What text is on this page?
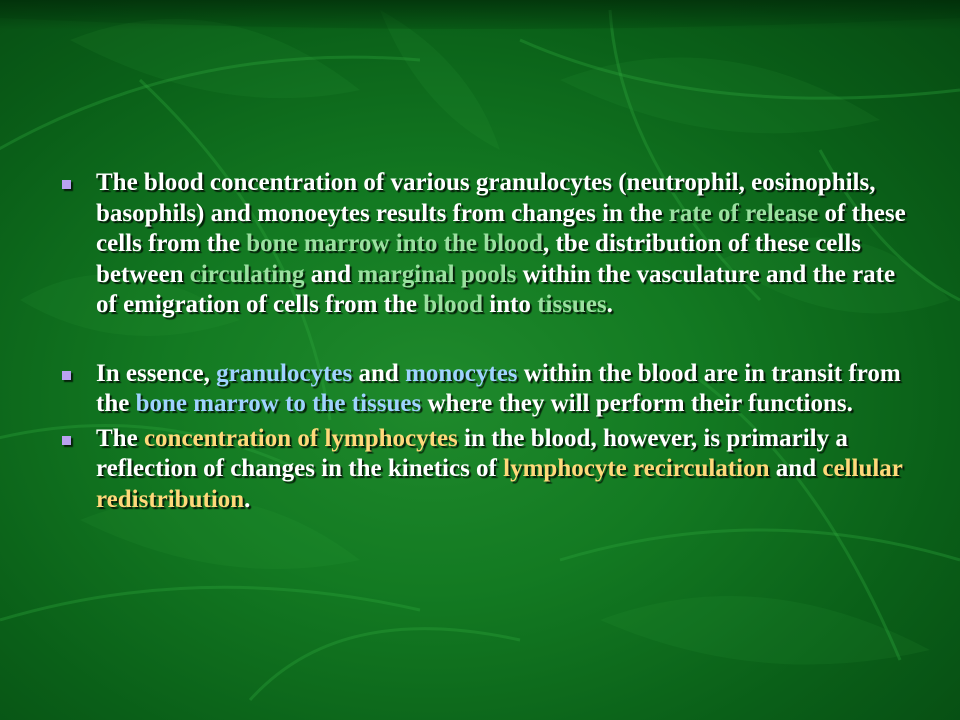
The blood concentration of various granulocytes (neutrophil, eosinophils, basophils) and monoeytes results from changes in the rate of release of these cells from the bone marrow into the blood, tbe distribution of these cells between circulating and marginal pools within the vasculature and the rate of emigration of cells from the blood into tissues.
In essence, granulocytes and monocytes within the blood are in transit from the bone marrow to the tissues where they will perform their functions.
The concentration of lymphocytes in the blood, however, is primarily a reflection of changes in the kinetics of lymphocyte recirculation and cellular redistribution.
